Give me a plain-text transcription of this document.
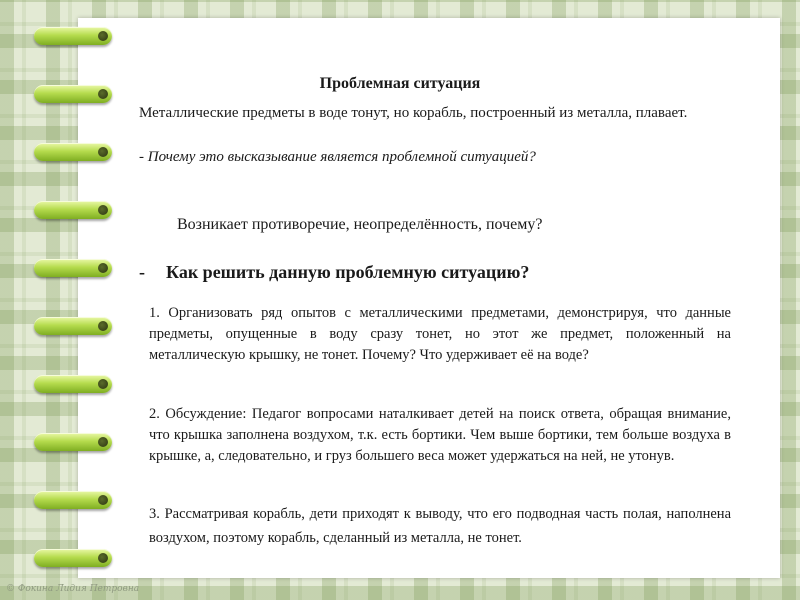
Проблемная ситуация
Металлические предметы в воде тонут, но корабль, построенный из металла, плавает.
- Почему это высказывание является проблемной ситуацией?
Возникает противоречие, неопределённость, почему?
- Как решить данную проблемную ситуацию?
1. Организовать ряд опытов с металлическими предметами, демонстрируя, что данные предметы, опущенные в воду сразу тонет, но этот же предмет, положенный на металлическую крышку, не тонет. Почему? Что удерживает её на воде?
2. Обсуждение: Педагог вопросами наталкивает детей на поиск ответа, обращая внимание, что крышка заполнена воздухом, т.к. есть бортики. Чем выше бортики, тем больше воздуха в крышке, а, следовательно, и груз большего веса может удержаться на ней, не утонув.
3. Рассматривая корабль, дети приходят к выводу, что его подводная часть полая, наполнена воздухом, поэтому корабль, сделанный из металла, не тонет.
© Фокина Лидия Петровна
